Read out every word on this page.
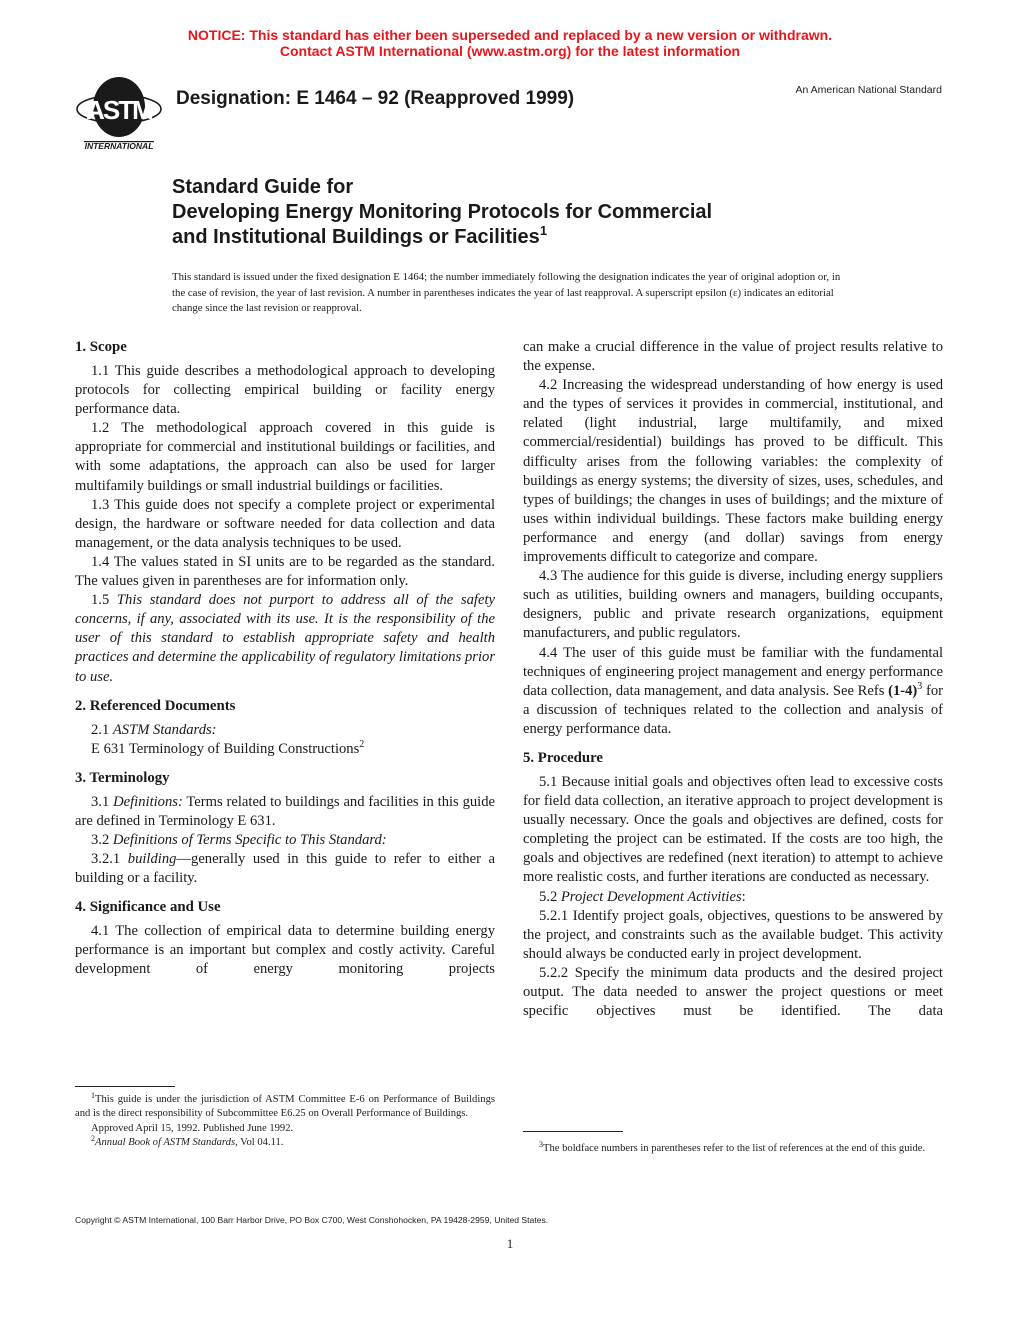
NOTICE: This standard has either been superseded and replaced by a new version or withdrawn.
Contact ASTM International (www.astm.org) for the latest information
ASTM
INTERNATIONAL
Designation: E 1464 – 92 (Reapproved 1999)	An American National Standard
Standard Guide for
Developing Energy Monitoring Protocols for Commercial
and Institutional Buildings or Facilities$^1$
This standard is issued under the fixed designation E 1464; the number immediately following the designation indicates the year of original adoption or, in the case of revision, the year of last revision. A number in parentheses indicates the year of last reapproval. A superscript epsilon (ε) indicates an editorial change since the last revision or reapproval.
1. Scope

1.1 This guide describes a methodological approach to developing protocols for collecting empirical building or facility energy performance data.

1.2 The methodological approach covered in this guide is appropriate for commercial and institutional buildings or facilities, and with some adaptations, the approach can also be used for larger multifamily buildings or small industrial buildings or facilities.

1.3 This guide does not specify a complete project or experimental design, the hardware or software needed for data collection and data management, or the data analysis techniques to be used.

1.4 The values stated in SI units are to be regarded as the standard. The values given in parentheses are for information only.

1.5 This standard does not purport to address all of the safety concerns, if any, associated with its use. It is the responsibility of the user of this standard to establish appropriate safety and health practices and determine the applicability of regulatory limitations prior to use.

2. Referenced Documents

2.1 ASTM Standards:

E 631 Terminology of Building Constructions$^2$

3. Terminology

3.1 Definitions: Terms related to buildings and facilities in this guide are defined in Terminology E 631.

3.2 Definitions of Terms Specific to This Standard:

3.2.1 building—generally used in this guide to refer to either a building or a facility.

4. Significance and Use

4.1 The collection of empirical data to determine building energy performance is an important but complex and costly activity. Careful development of energy monitoring projects

$^1$This guide is under the jurisdiction of ASTM Committee E-6 on Performance of Buildings and is the direct responsibility of Subcommittee E6.25 on Overall Performance of Buildings.

Approved April 15, 1992. Published June 1992.

$^2$Annual Book of ASTM Standards, Vol 04.11.

can make a crucial difference in the value of project results relative to the expense.

4.2 Increasing the widespread understanding of how energy is used and the types of services it provides in commercial, institutional, and related (light industrial, large multifamily, and mixed commercial/residential) buildings has proved to be difficult. This difficulty arises from the following variables: the complexity of buildings as energy systems; the diversity of sizes, uses, schedules, and types of buildings; the changes in uses of buildings; and the mixture of uses within individual buildings. These factors make building energy performance and energy (and dollar) savings from energy improvements difficult to categorize and compare.

4.3 The audience for this guide is diverse, including energy suppliers such as utilities, building owners and managers, building occupants, designers, public and private research organizations, equipment manufacturers, and public regulators.

4.4 The user of this guide must be familiar with the fundamental techniques of engineering project management and energy performance data collection, data management, and data analysis. See Refs $(1-4)^3$ for a discussion of techniques related to the collection and analysis of energy performance data.

5. Procedure

5.1 Because initial goals and objectives often lead to excessive costs for field data collection, an iterative approach to project development is usually necessary. Once the goals and objectives are defined, costs for completing the project can be estimated. If the costs are too high, the goals and objectives are redefined (next iteration) to attempt to achieve more realistic costs, and further iterations are conducted as necessary.

5.2 Project Development Activities:

5.2.1 Identify project goals, objectives, questions to be answered by the project, and constraints such as the available budget. This activity should always be conducted early in project development.

5.2.2 Specify the minimum data products and the desired project output. The data needed to answer the project questions or meet specific objectives must be identified. The data

$^3$The boldface numbers in parentheses refer to the list of references at the end of this guide.

Copyright © ASTM International, 100 Barr Harbor Drive, PO Box C700, West Conshohocken, PA 19428-2959, United States.
1
